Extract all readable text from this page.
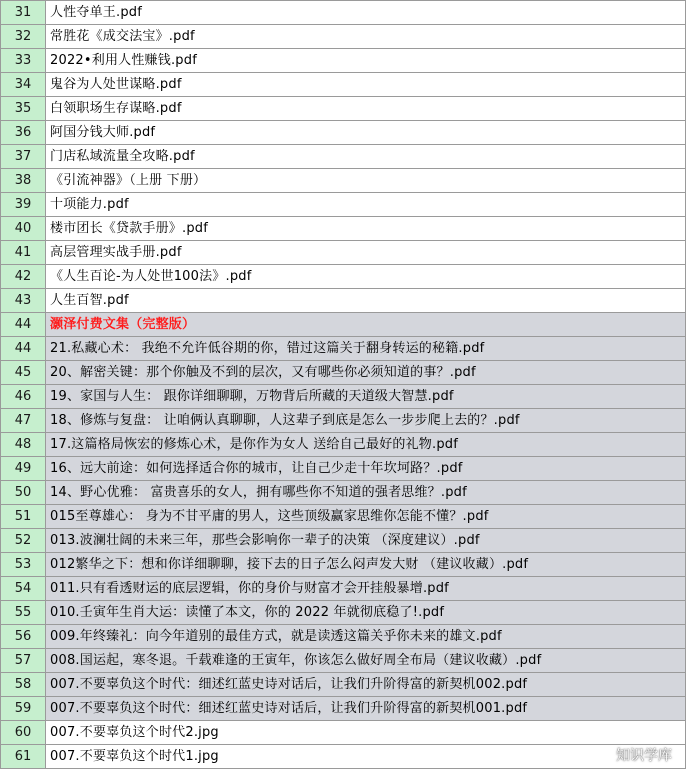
31	人性夺单王.pdf
32	常胜花《成交法宝》.pdf
33	2022•利用人性赚钱.pdf
34	鬼谷为人处世谋略.pdf
35	白领职场生存谋略.pdf
36	阿国分钱大师.pdf
37	门店私域流量全攻略.pdf
38	《引流神器》（上册 下册）
39	十项能力.pdf
40	楼市团长《贷款手册》.pdf
41	高层管理实战手册.pdf
42	《人生百论-为人处世100法》.pdf
43	人生百智.pdf
44	灏泽付费文集（完整版）
44	21.私藏心术： 我绝不允许低谷期的你，错过这篇关于翻身转运的秘籍.pdf
45	20、解密关键：那个你触及不到的层次，又有哪些你必须知道的事？.pdf
46	19、家国与人生： 跟你详细聊聊，万物背后所藏的天道级大智慧.pdf
47	18、修炼与复盘： 让咱俩认真聊聊，人这辈子到底是怎么一步步爬上去的？.pdf
48	17.这篇格局恢宏的修炼心术，是你作为女人 送给自己最好的礼物.pdf
49	16、远大前途：如何选择适合你的城市，让自己少走十年坎坷路？.pdf
50	14、野心优雅： 富贵喜乐的女人，拥有哪些你不知道的强者思维？.pdf
51	015至尊雄心： 身为不甘平庸的男人，这些顶级赢家思维你怎能不懂？.pdf
52	013.波澜壮阔的未来三年，那些会影响你一辈子的决策 （深度建议）.pdf
53	012繁华之下：想和你详细聊聊，接下去的日子怎么闷声发大财 （建议收藏）.pdf
54	011.只有看透财运的底层逻辑，你的身价与财富才会开挂般暴增.pdf
55	010.壬寅年生肖大运：读懂了本文，你的 2022 年就彻底稳了!.pdf
56	009.年终臻礼：向今年道别的最佳方式，就是读透这篇关乎你未来的雄文.pdf
57	008.国运起，寒冬退。千载难逢的王寅年，你该怎么做好周全布局（建议收藏）.pdf
58	007.不要辜负这个时代：细述红蓝史诗对话后，让我们升阶得富的新契机002.pdf
59	007.不要辜负这个时代：细述红蓝史诗对话后，让我们升阶得富的新契机001.pdf
60	007.不要辜负这个时代2.jpg
61	007.不要辜负这个时代1.jpg	知识学库
